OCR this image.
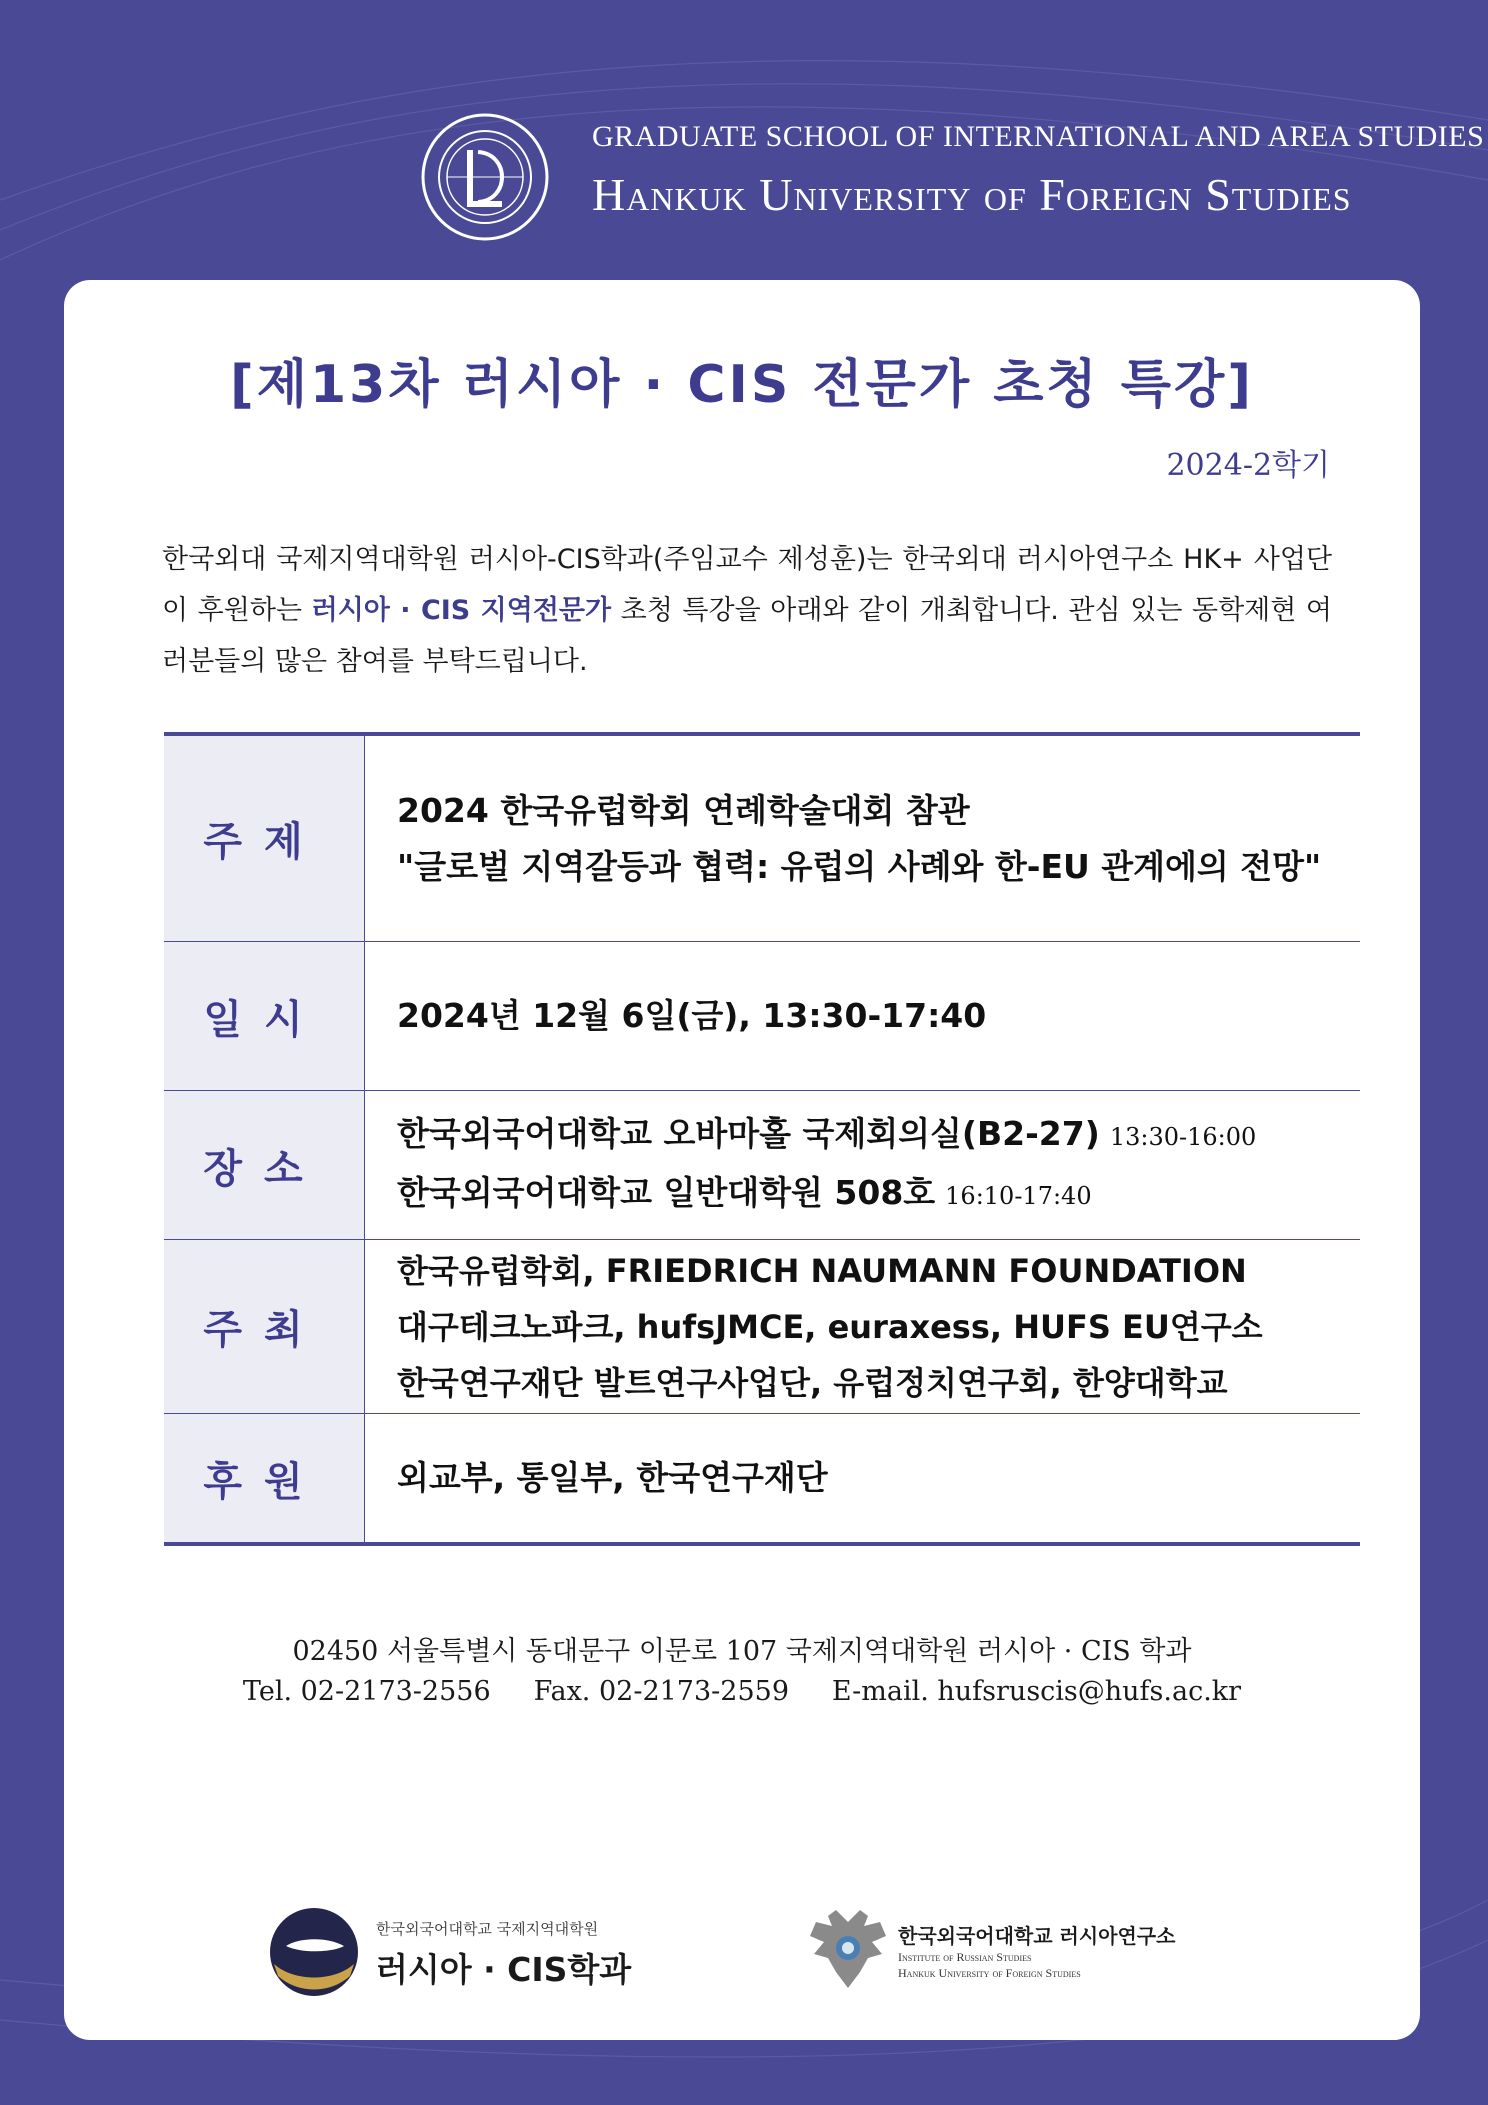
GRADUATE SCHOOL OF INTERNATIONAL AND AREA STUDIES
Hankuk University of Foreign Studies
[제13차 러시아 · CIS 전문가 초청 특강]
2024-2학기
한국외대 국제지역대학원 러시아-CIS학과(주임교수 제성훈)는 한국외대 러시아연구소 HK+ 사업단이 후원하는 러시아 · CIS 지역전문가 초청 특강을 아래와 같이 개최합니다. 관심 있는 동학제현 여러분들의 많은 참여를 부탁드립니다.
주제
2024 한국유럽학회 연례학술대회 참관
"글로벌 지역갈등과 협력: 유럽의 사례와 한-EU 관계에의 전망"
일시	2024년 12월 6일(금), 13:30-17:40
장소
한국외국어대학교 오바마홀 국제회의실(B2-27) 13:30-16:00
한국외국어대학교 일반대학원 508호 16:10-17:40
주최
한국유럽학회, FRIEDRICH NAUMANN FOUNDATION
대구테크노파크, hufsJMCE, euraxess, HUFS EU연구소
한국연구재단 발트연구사업단, 유럽정치연구회, 한양대학교
후원	외교부, 통일부, 한국연구재단
02450 서울특별시 동대문구 이문로 107 국제지역대학원 러시아 · CIS 학과
Tel. 02-2173-2556 Fax. 02-2173-2559 E-mail. hufsruscis@hufs.ac.kr
한국외국어대학교 국제지역대학원
러시아 · CIS학과
한국외국어대학교 러시아연구소
Institute of Russian Studies
Hankuk University of Foreign Studies
